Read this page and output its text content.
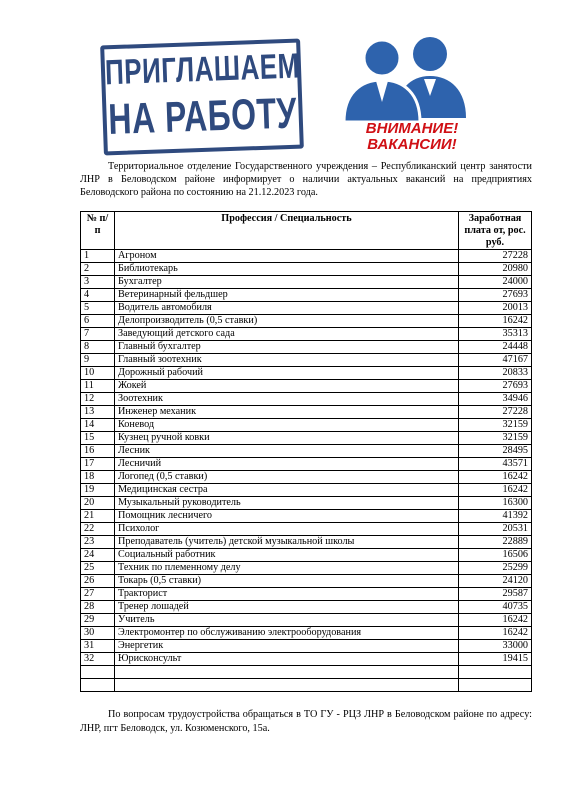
ПРИГЛАШАЕМ
НА РАБОТУ	ВНИМАНИЕ!
ВАКАНСИИ!

Территориальное отделение Государственного учреждения – Республиканский центр занятости ЛНР в Беловодском районе информирует о наличии актуальных вакансий на предприятиях Беловодского района по состоянию на 21.12.2023 года.

№ п/п	Профессия / Специальность	Заработная плата от, рос. руб.
1	Агроном	27228
2	Библиотекарь	20980
3	Бухгалтер	24000
4	Ветеринарный фельдшер	27693
5	Водитель автомобиля	20013
6	Делопроизводитель (0,5 ставки)	16242
7	Заведующий детского сада	35313
8	Главный бухгалтер	24448
9	Главный зоотехник	47167
10	Дорожный рабочий	20833
11	Жокей	27693
12	Зоотехник	34946
13	Инженер механик	27228
14	Коневод	32159
15	Кузнец ручной ковки	32159
16	Лесник	28495
17	Лесничий	43571
18	Логопед (0,5 ставки)	16242
19	Медицинская сестра	16242
20	Музыкальный руководитель	16300
21	Помощник лесничего	41392
22	Психолог	20531
23	Преподаватель (учитель) детской музыкальной школы	22889
24	Социальный работник	16506
25	Техник по племенному делу	25299
26	Токарь (0,5 ставки)	24120
27	Тракторист	29587
28	Тренер лошадей	40735
29	Учитель	16242
30	Электромонтер по обслуживанию электрооборудования	16242
31	Энергетик	33000
32	Юрисконсульт	19415

По вопросам трудоустройства обращаться в ТО ГУ - РЦЗ ЛНР в Беловодском районе по адресу: ЛНР, пгт Беловодск, ул. Козюменского, 15а.
